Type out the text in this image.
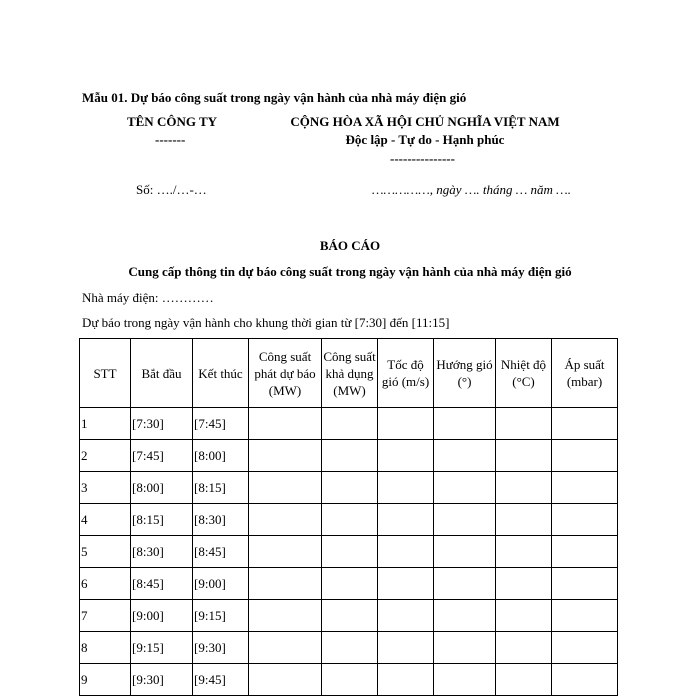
Mẫu 01. Dự báo công suất trong ngày vận hành của nhà máy điện gió
TÊN CÔNG TY
-------
CỘNG HÒA XÃ HỘI CHỦ NGHĨA VIỆT NAM
Độc lập - Tự do - Hạnh phúc
---------------
Số: …./…-…	……………, ngày …. tháng … năm ….
BÁO CÁO
Cung cấp thông tin dự báo công suất trong ngày vận hành của nhà máy điện gió
Nhà máy điện: …………
Dự báo trong ngày vận hành cho khung thời gian từ [7:30] đến [11:15]
STT	Bắt đầu	Kết thúc	Công suất phát dự báo (MW)	Công suất khả dụng (MW)	Tốc độ gió (m/s)	Hướng gió (°)	Nhiệt độ (°C)	Áp suất (mbar)
1	[7:30]	[7:45]						
2	[7:45]	[8:00]						
3	[8:00]	[8:15]						
4	[8:15]	[8:30]						
5	[8:30]	[8:45]						
6	[8:45]	[9:00]						
7	[9:00]	[9:15]						
8	[9:15]	[9:30]						
9	[9:30]	[9:45]						
